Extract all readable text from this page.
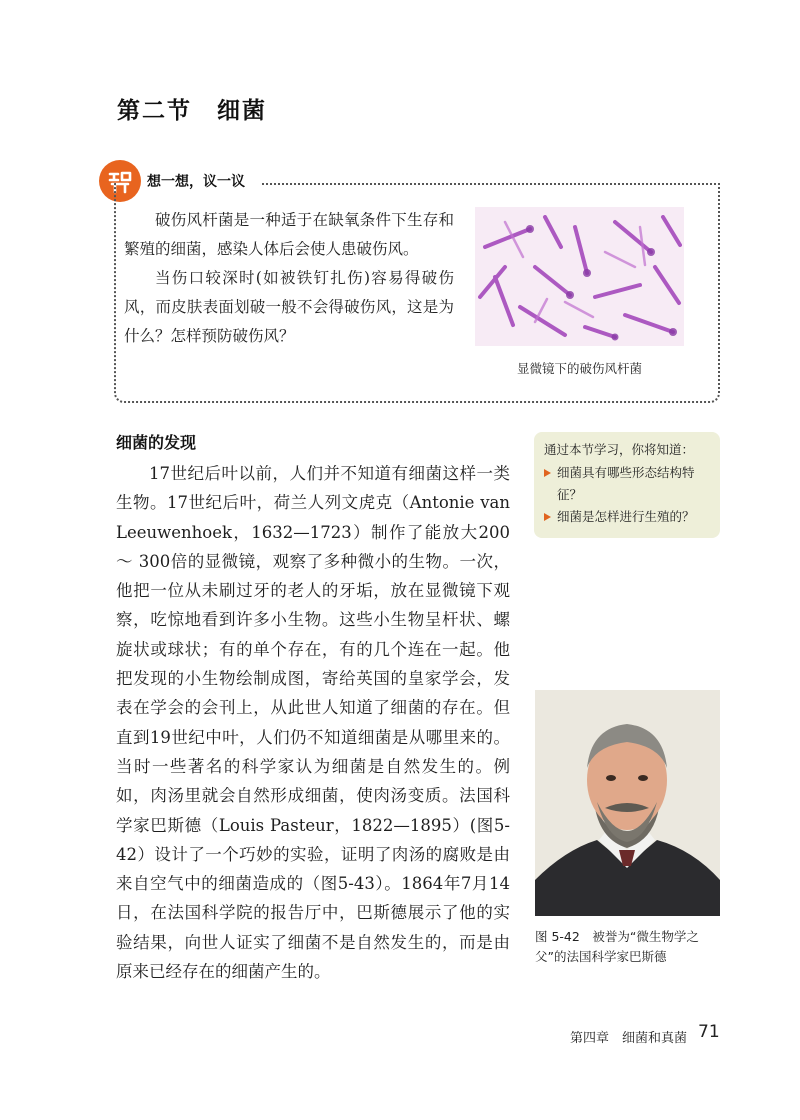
第二节　细菌
想一想，议一议

破伤风杆菌是一种适于在缺氧条件下生存和繁殖的细菌，感染人体后会使人患破伤风。

当伤口较深时(如被铁钉扎伤)容易得破伤风，而皮肤表面划破一般不会得破伤风，这是为什么？怎样预防破伤风？

显微镜下的破伤风杆菌
细菌的发现

17世纪后叶以前，人们并不知道有细菌这样一类生物。17世纪后叶，荷兰人列文虎克（Antonie van Leeuwenhoek，1632—1723）制作了能放大200 ～ 300倍的显微镜，观察了多种微小的生物。一次，他把一位从未刷过牙的老人的牙垢，放在显微镜下观察，吃惊地看到许多小生物。这些小生物呈杆状、螺旋状或球状；有的单个存在，有的几个连在一起。他把发现的小生物绘制成图，寄给英国的皇家学会，发表在学会的会刊上，从此世人知道了细菌的存在。但直到19世纪中叶，人们仍不知道细菌是从哪里来的。当时一些著名的科学家认为细菌是自然发生的。例如，肉汤里就会自然形成细菌，使肉汤变质。法国科学家巴斯德（Louis Pasteur，1822—1895）(图5-42）设计了一个巧妙的实验，证明了肉汤的腐败是由来自空气中的细菌造成的（图5-43）。1864年7月14日，在法国科学院的报告厅中，巴斯德展示了他的实验结果，向世人证实了细菌不是自然发生的，而是由原来已经存在的细菌产生的。

通过本节学习，你将知道：
细菌具有哪些形态结构特征？
细菌是怎样进行生殖的？
图 5-42　被誉为“微生物学之父”的法国科学家巴斯德
第四章　细菌和真菌 71
